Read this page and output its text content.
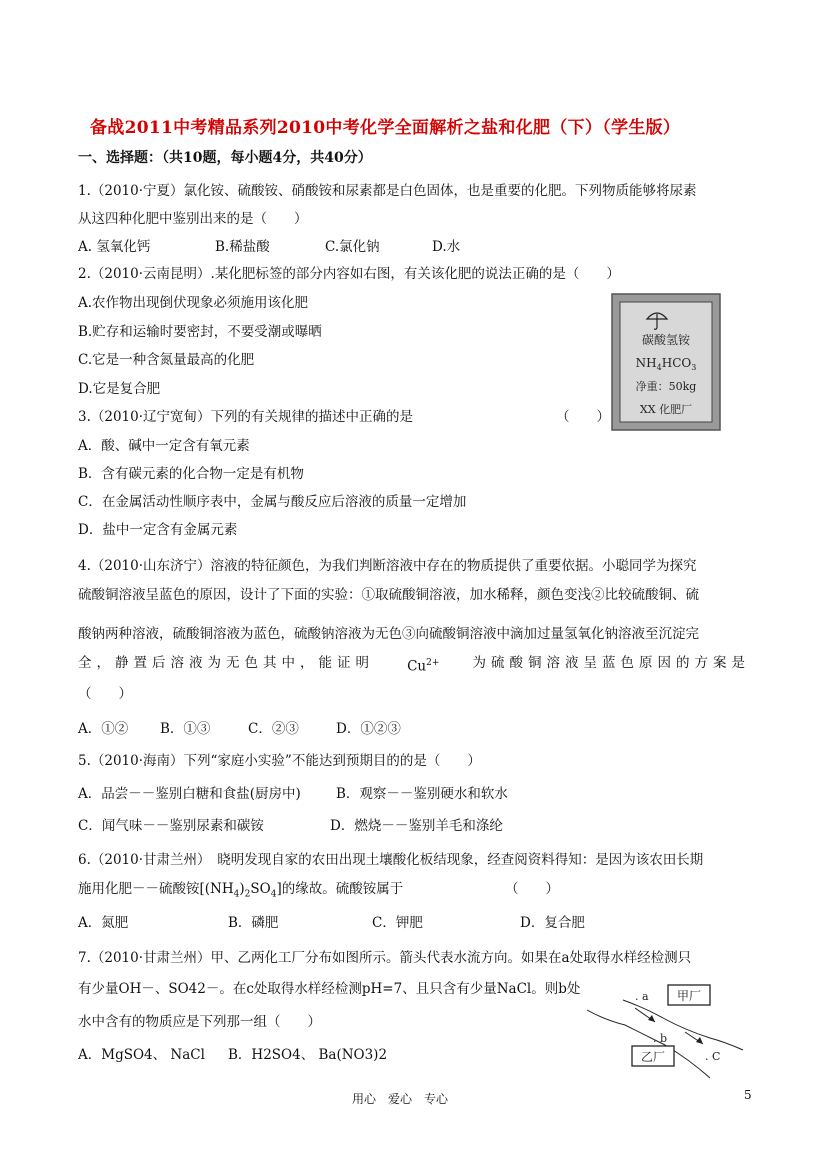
备战2011中考精品系列2010中考化学全面解析之盐和化肥（下）（学生版）
一、选择题：（共10题，每小题4分，共40分）
1.（2010·宁夏）氯化铵、硫酸铵、硝酸铵和尿素都是白色固体，也是重要的化肥。下列物质能够将尿素
从这四种化肥中鉴别出来的是（　　）
A. 氢氧化钙	B.稀盐酸	C.氯化钠	D.水
2.（2010·云南昆明）.某化肥标签的部分内容如右图，有关该化肥的说法正确的是（　　）
A.农作物出现倒伏现象必须施用该化肥
B.贮存和运输时要密封，不要受潮或曝晒
C.它是一种含氮量最高的化肥
D.它是复合肥
碳酸氢铵
$NH_4HCO_3$
净重：50kg
XX 化肥厂
3.（2010·辽宁宽甸）下列的有关规律的描述中正确的是	（　　）
A．酸、碱中一定含有氧元素
B．含有碳元素的化合物一定是有机物
C．在金属活动性顺序表中，金属与酸反应后溶液的质量一定增加
D．盐中一定含有金属元素
4.（2010·山东济宁）溶液的特征颜色，为我们判断溶液中存在的物质提供了重要依据。小聪同学为探究
硫酸铜溶液呈蓝色的原因，设计了下面的实验：①取硫酸铜溶液，加水稀释，颜色变浅②比较硫酸铜、硫
酸钠两种溶液，硫酸铜溶液为蓝色，硫酸钠溶液为无色③向硫酸铜溶液中滴加过量氢氧化钠溶液至沉淀完
全，静置后溶液为无色其中，能证明 $Cu^{2+}$ 为硫酸铜溶液呈蓝色原因的方案是
（　　）
A．①② B．①③	C．②③	D．①②③
5.（2010·海南）下列“家庭小实验”不能达到预期目的的是（　　）
A．品尝－－鉴别白糖和食盐(厨房中)	B．观察－－鉴别硬水和软水
C．闻气味－－鉴别尿素和碳铵	D．燃烧－－鉴别羊毛和涤纶
6.（2010·甘肃兰州）　晓明发现自家的农田出现土壤酸化板结现象，经查阅资料得知：是因为该农田长期
施用化肥－－硫酸铵$[(NH_4)_2SO_4]$的缘故。硫酸铵属于	（　　）
A．氮肥	B．磷肥	C．钾肥	D．复合肥
7.（2010·甘肃兰州）甲、乙两化工厂分布如图所示。箭头代表水流方向。如果在a处取得水样经检测只
有少量OH－、SO42－。在c处取得水样经检测pH=7、且只含有少量NaCl。则b处
水中含有的物质应是下列那一组（　　）
A．MgSO4、 NaCl B．H2SO4、 Ba(NO3)2
. a
. b
. C
甲厂
乙厂
用心　爱心　专心	5
